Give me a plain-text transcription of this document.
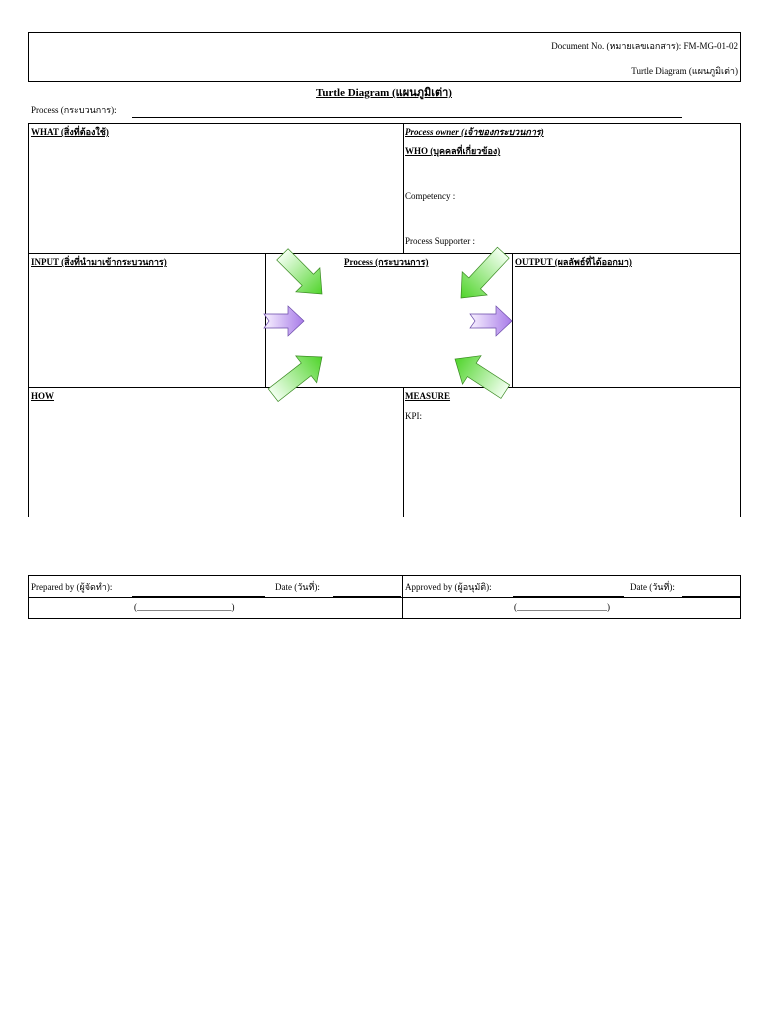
Document No. (หมายเลขเอกสาร): FM-MG-01-02
Turtle Diagram (แผนภูมิเต่า)
Turtle Diagram (แผนภูมิเต่า)
Process (กระบวนการ):
WHAT (สิ่งที่ต้องใช้)	Process owner (เจ้าของกระบวนการ)
WHO (บุคคลที่เกี่ยวข้อง)
Competency :
Process Supporter :
INPUT (สิ่งที่นำมาเข้ากระบวนการ)	Process (กระบวนการ)	OUTPUT (ผลลัพธ์ที่ได้ออกมา)
HOW	MEASURE
KPI:
Prepared by (ผู้จัดทำ):	Date (วันที่):
(_____________________)
Approved by (ผู้อนุมัติ):	Date (วันที่):
(____________________)
